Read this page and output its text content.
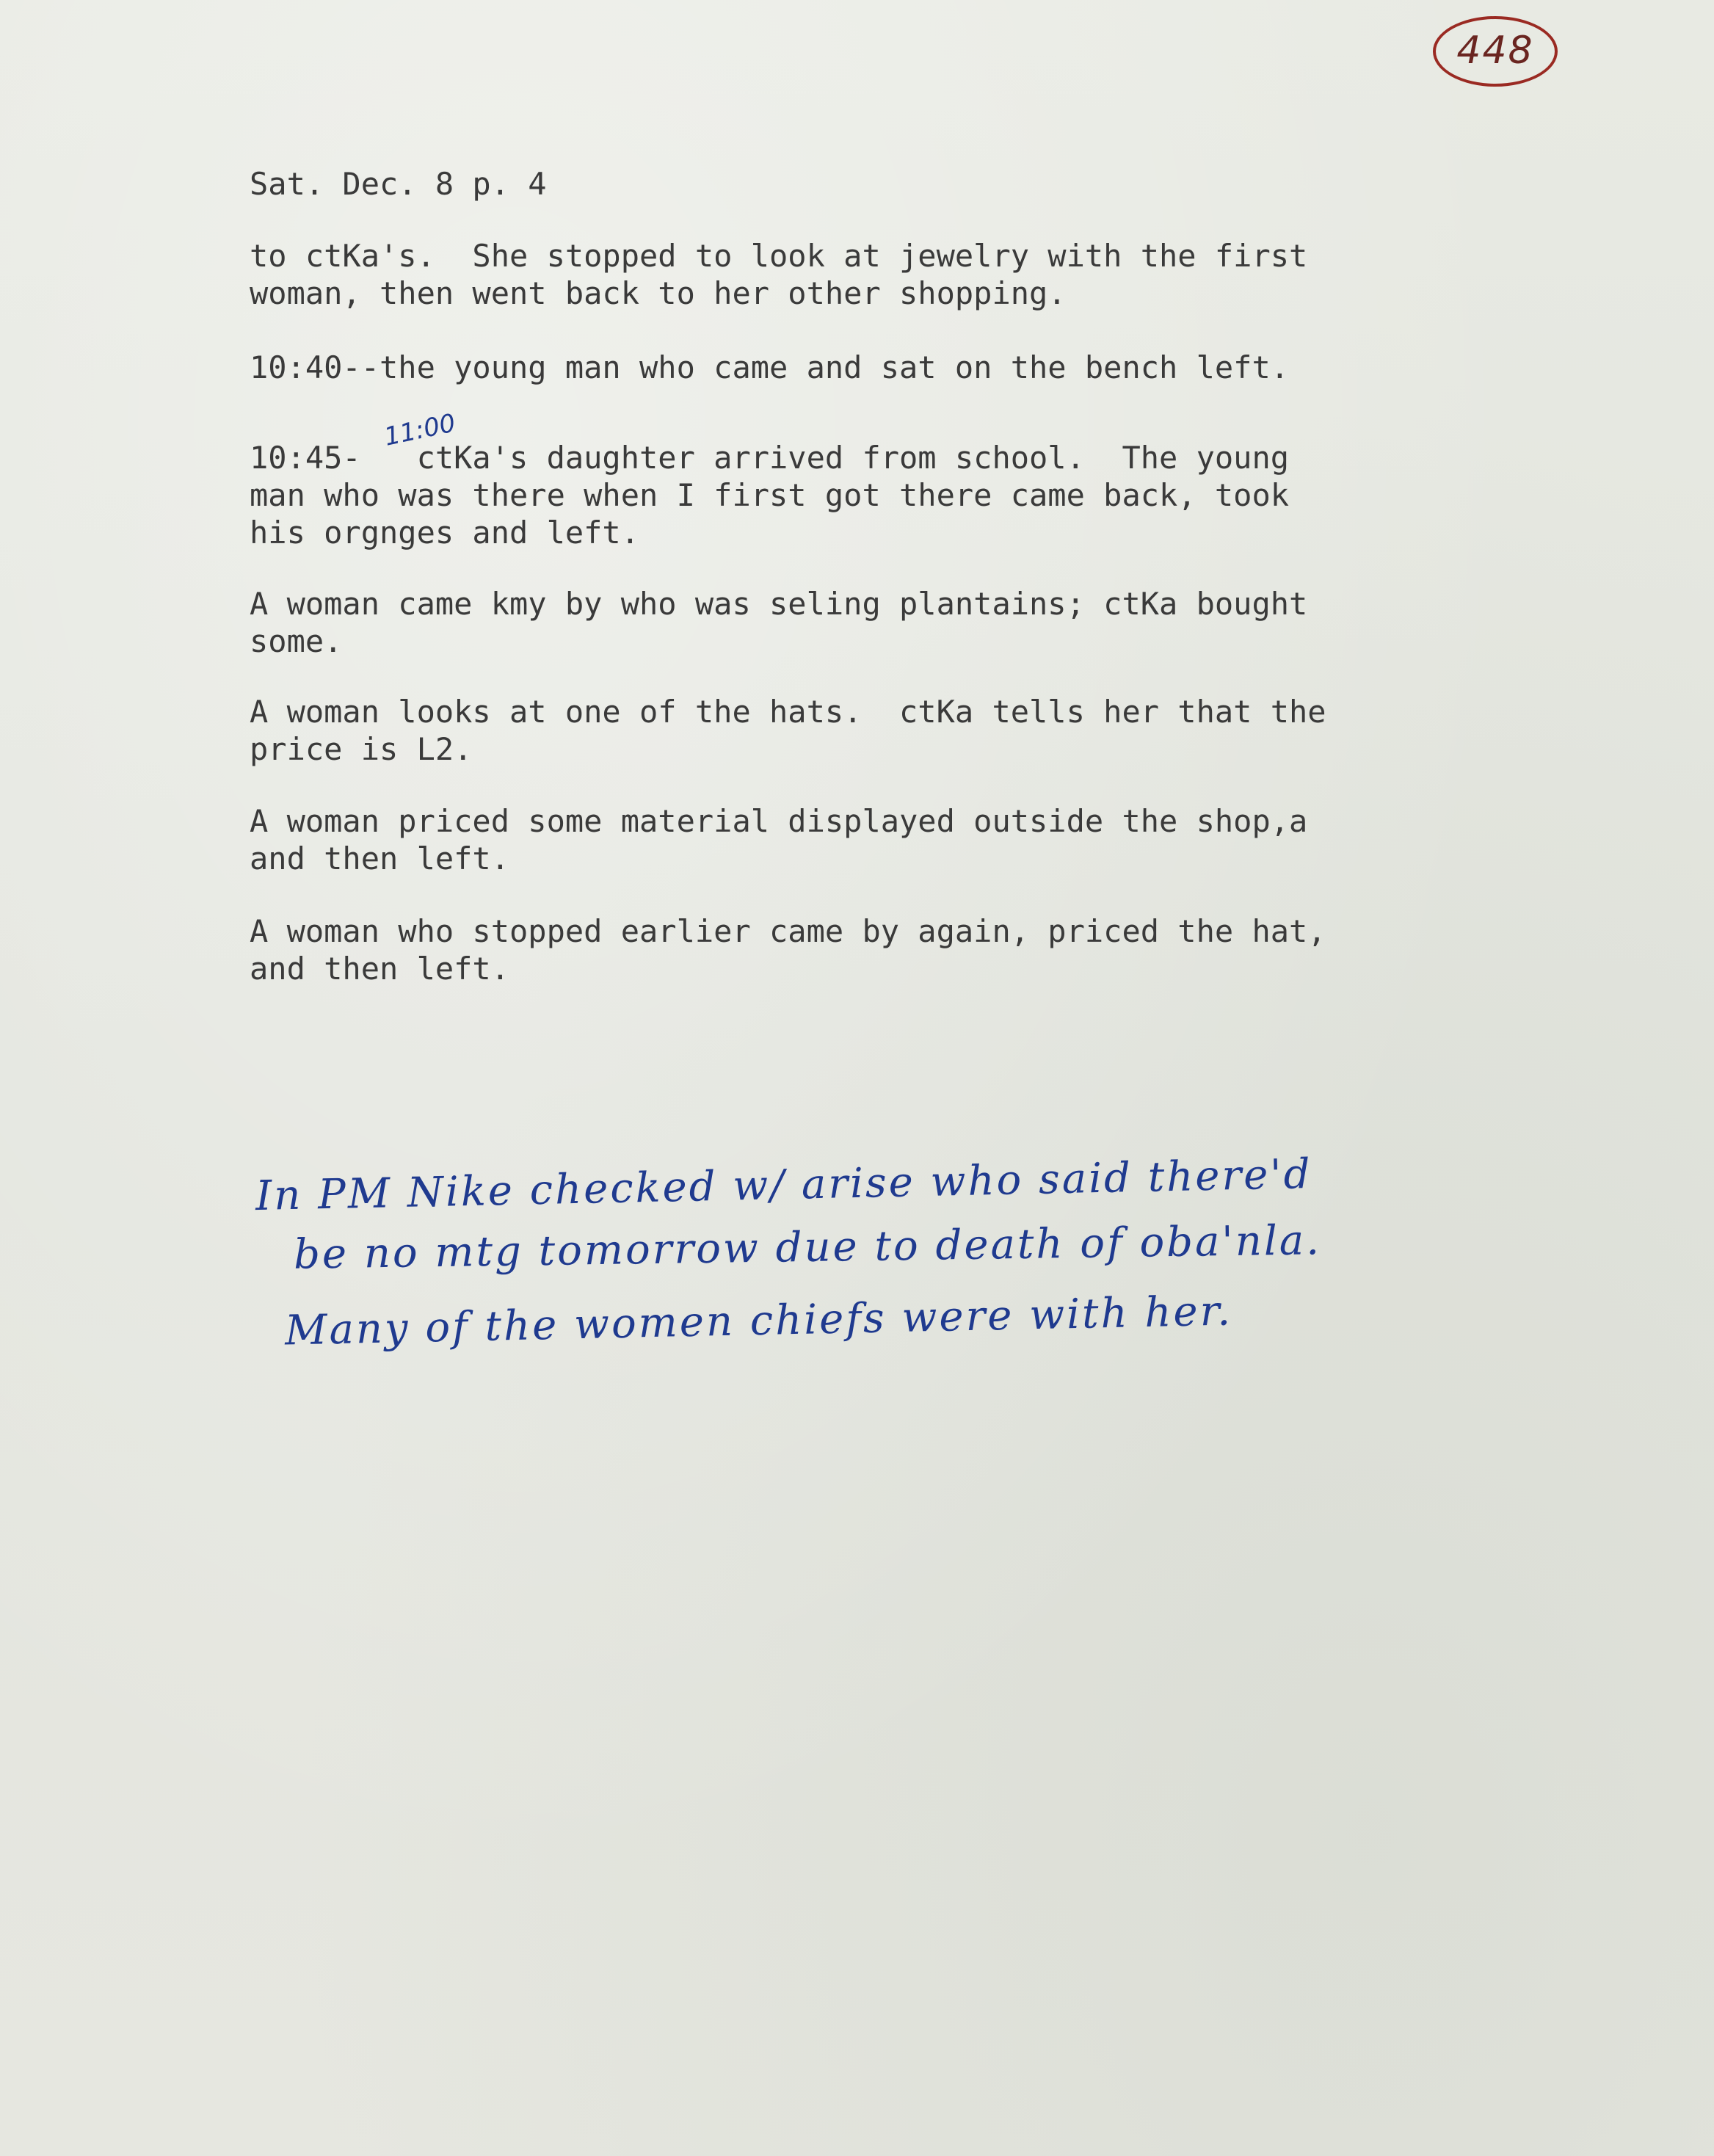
448
Sat. Dec. 8 p. 4
to ctKa's.  She stopped to look at jewelry with the first
woman, then went back to her other shopping.
10:40--the young man who came and sat on the bench left.
10:45-   ctKa's daughter arrived from school.  The young
man who was there when I first got there came back, took
his orgnges and left.
11:00
A woman came kmy by who was seling plantains; ctKa bought
some.
A woman looks at one of the hats.  ctKa tells her that the
price is L2.
A woman priced some material displayed outside the shop,a
and then left.
A woman who stopped earlier came by again, priced the hat,
and then left.
In PM Nike checked w/ arise who said there'd
be no mtg tomorrow due to death of oba'nla.
Many of the women chiefs were with her.
